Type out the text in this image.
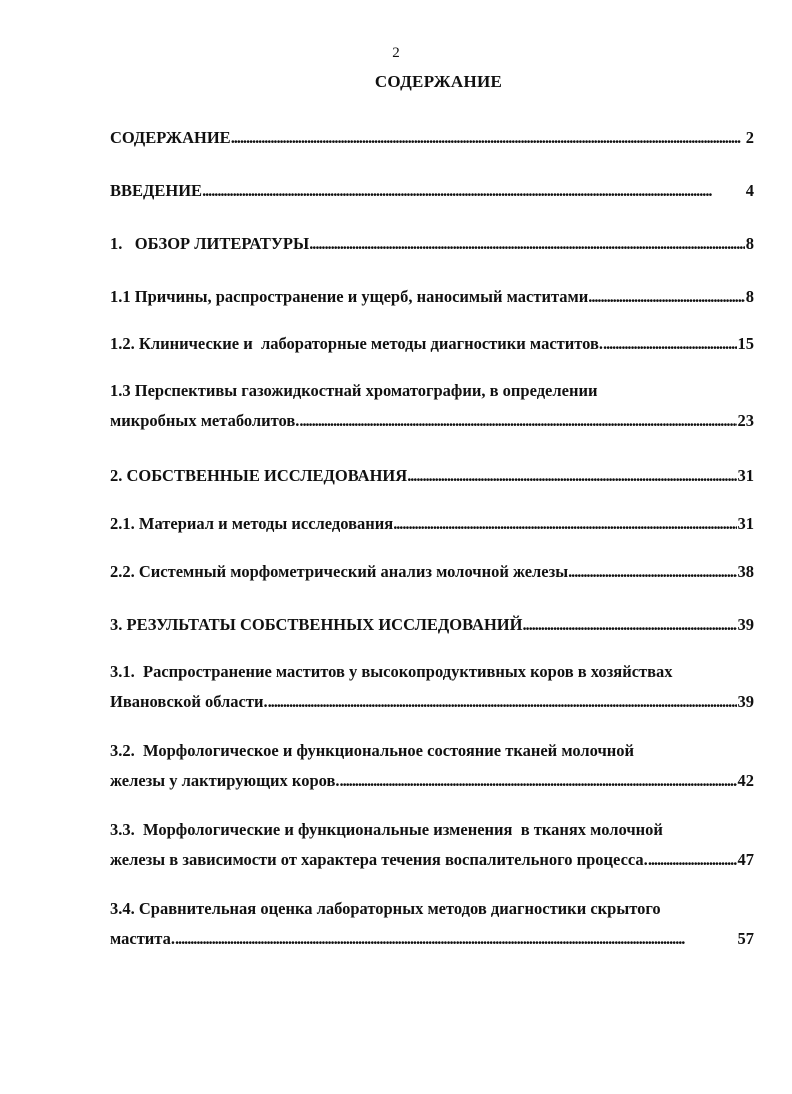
2
СОДЕРЖАНИЕ
СОДЕРЖАНИЕ . . .	2
ВВЕДЕНИЕ . . .	4
1.   ОБЗОР ЛИТЕРАТУРЫ . . .	8
1.1 Причины, распространение и ущерб, наносимый маститами . . .	8
1.2. Клинические и  лабораторные методы диагностики маститов. . . .	15
1.3 Перспективы газожидкостнай хроматографии, в определении
микробных метаболитов. . . .	23
2. СОБСТВЕННЫЕ ИССЛЕДОВАНИЯ . . .	31
2.1. Материал и методы исследования . . .	31
2.2. Системный морфометрический анализ молочной железы . . .	38
3. РЕЗУЛЬТАТЫ СОБСТВЕННЫХ ИССЛЕДОВАНИЙ . . .	39
3.1.  Распространение маститов у высокопродуктивных коров в хозяйствах
Ивановской области. . . .	39
3.2.  Морфологическое и функциональное состояние тканей молочной
железы у лактирующих коров. . . .	42
3.3.  Морфологические и функциональные изменения  в тканях молочной
железы в зависимости от характера течения воспалительного процесса. . . .	47
3.4. Сравнительная оценка лабораторных методов диагностики скрытого
мастита. . . .	57
